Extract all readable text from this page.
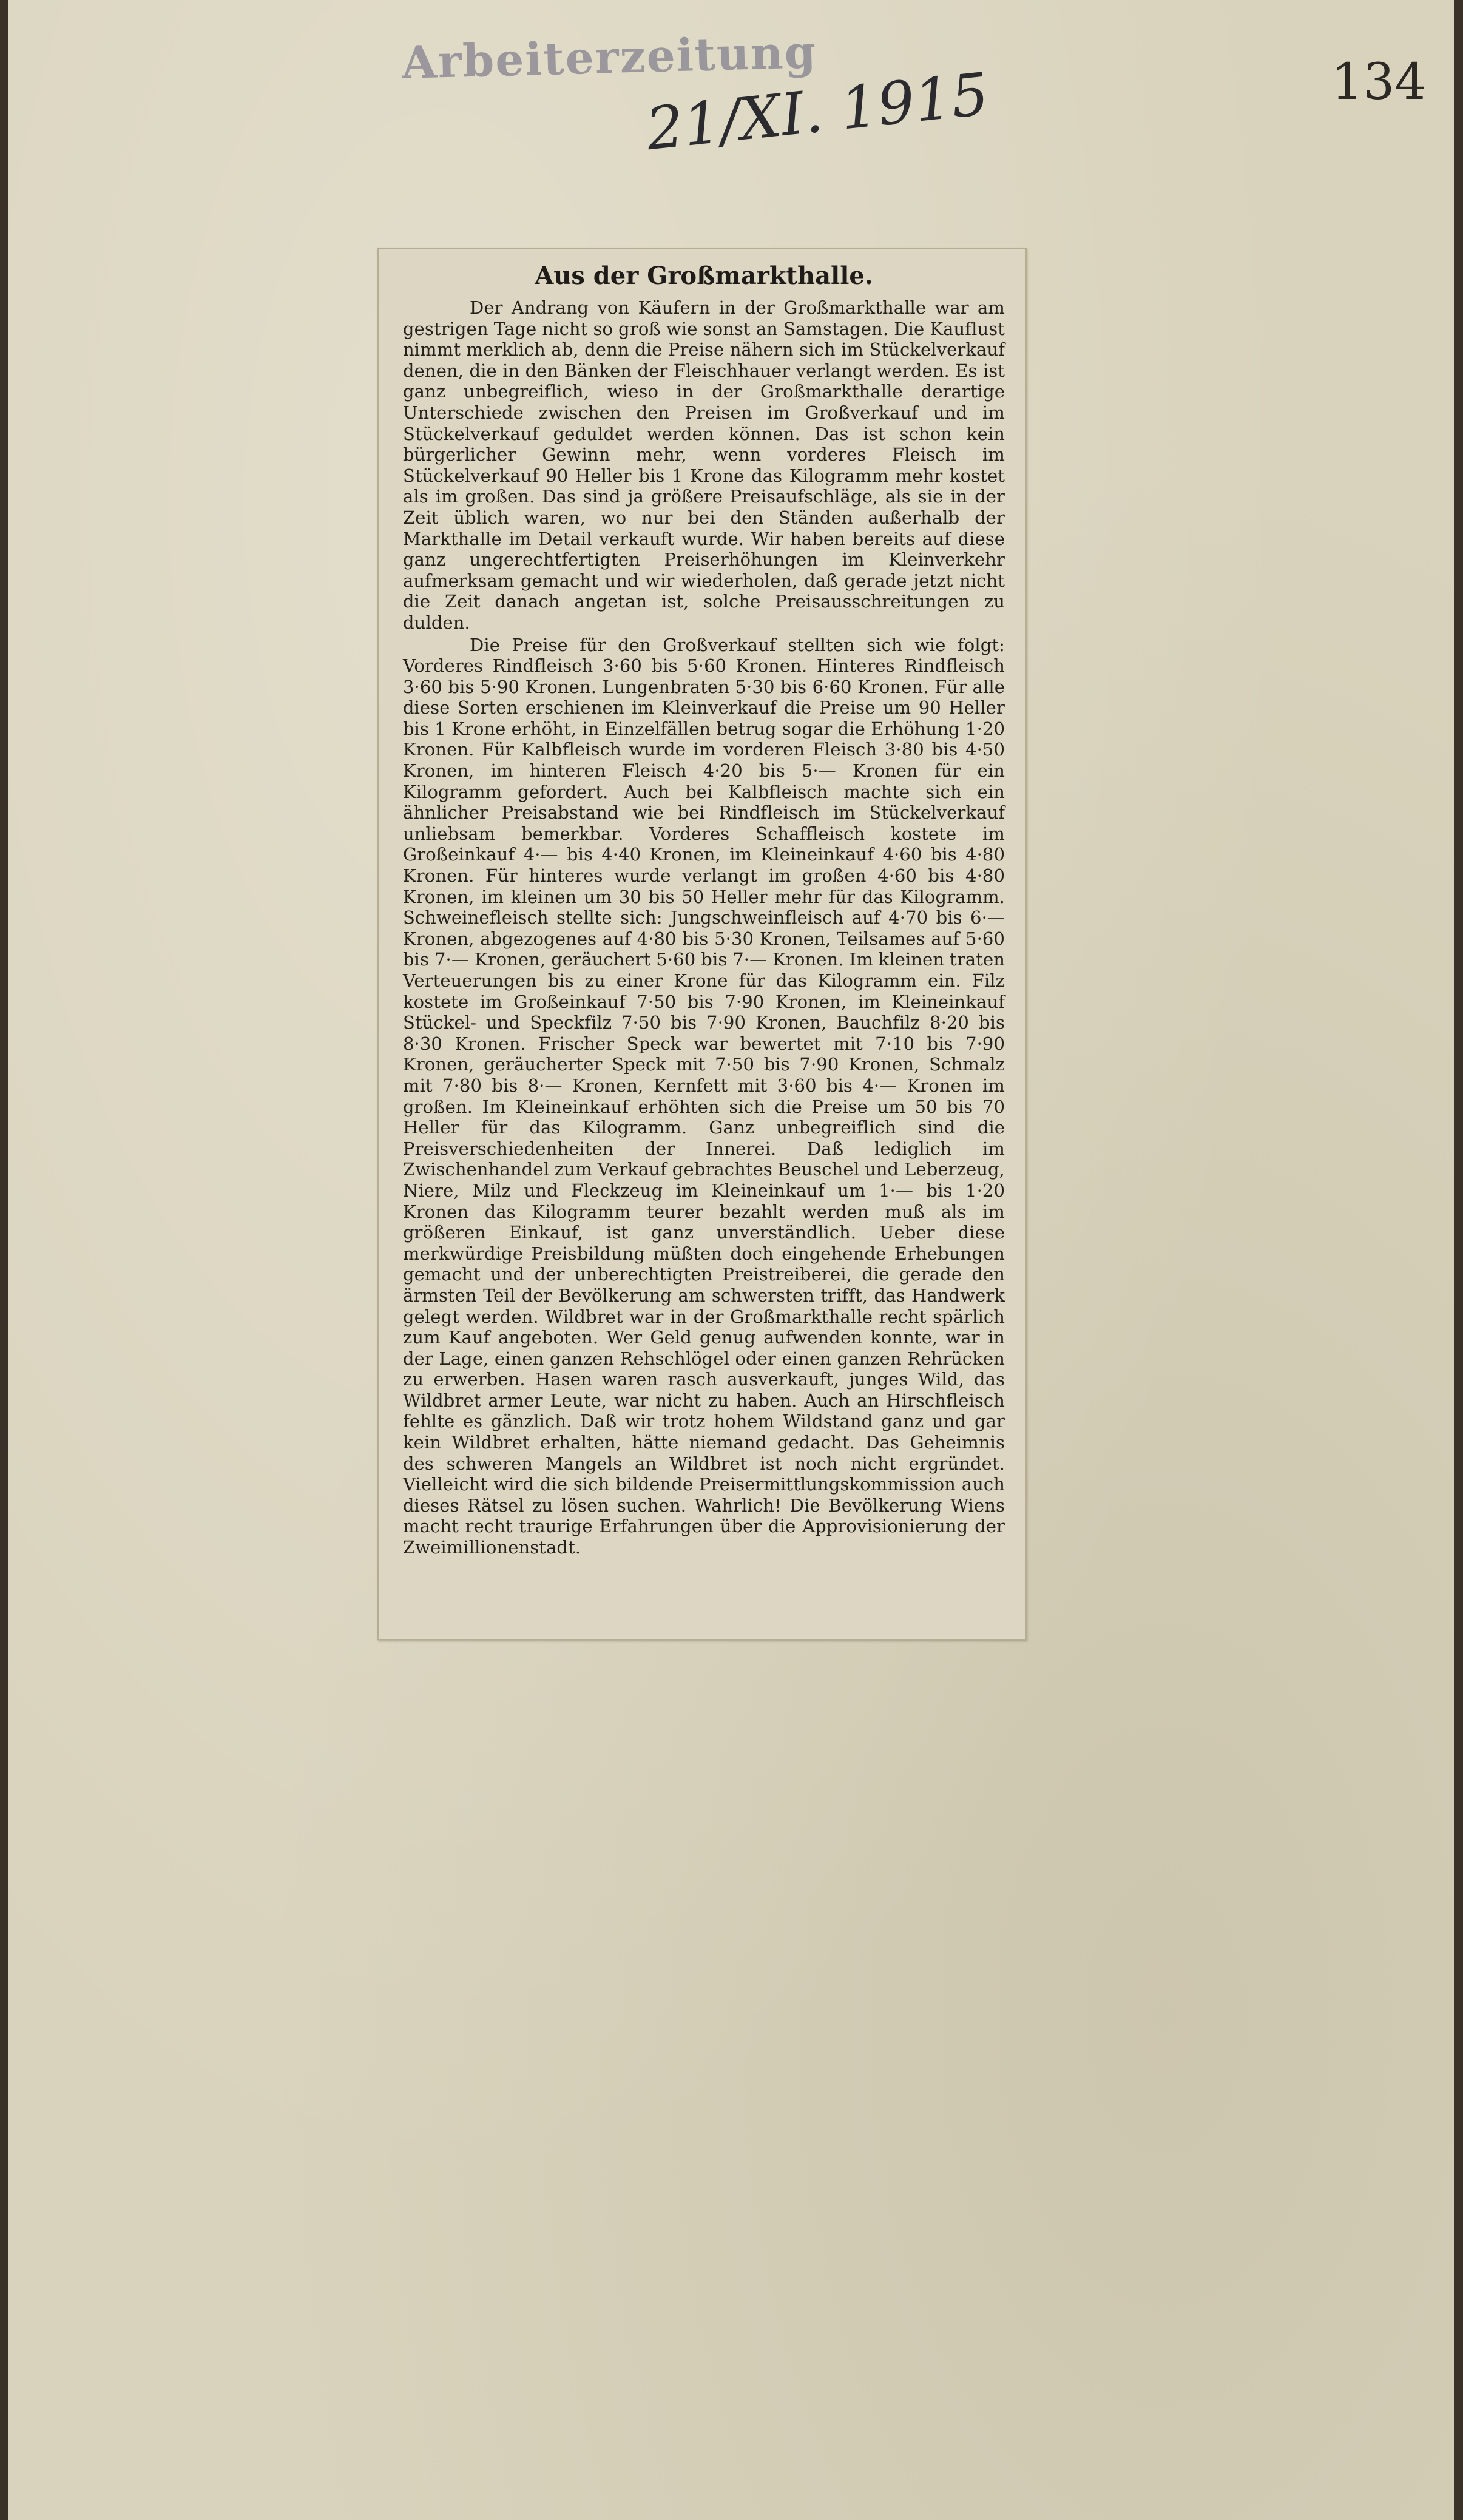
Arbeiterzeitung
21/XI. 1915	134
Aus der Großmarkthalle.

Der Andrang von Käufern in der Großmarkthalle war am gestrigen Tage nicht so groß wie sonst an Samstagen. Die Kauflust nimmt merklich ab, denn die Preise nähern sich im Stückelverkauf denen, die in den Bänken der Fleischhauer verlangt werden. Es ist ganz unbegreiflich, wieso in der Großmarkthalle derartige Unterschiede zwischen den Preisen im Großverkauf und im Stückelverkauf geduldet werden können. Das ist schon kein bürgerlicher Gewinn mehr, wenn vorderes Fleisch im Stückelverkauf 90 Heller bis 1 Krone das Kilogramm mehr kostet als im großen. Das sind ja größere Preisaufschläge, als sie in der Zeit üblich waren, wo nur bei den Ständen außerhalb der Markthalle im Detail verkauft wurde. Wir haben bereits auf diese ganz ungerechtfertigten Preiserhöhungen im Kleinverkehr aufmerksam gemacht und wir wiederholen, daß gerade jetzt nicht die Zeit danach angetan ist, solche Preisausschreitungen zu dulden.

Die Preise für den Großverkauf stellten sich wie folgt: Vorderes Rindfleisch 3·60 bis 5·60 Kronen. Hinteres Rindfleisch 3·60 bis 5·90 Kronen. Lungenbraten 5·30 bis 6·60 Kronen. Für alle diese Sorten erschienen im Kleinverkauf die Preise um 90 Heller bis 1 Krone erhöht, in Einzelfällen betrug sogar die Erhöhung 1·20 Kronen. Für Kalbfleisch wurde im vorderen Fleisch 3·80 bis 4·50 Kronen, im hinteren Fleisch 4·20 bis 5·— Kronen für ein Kilogramm gefordert. Auch bei Kalbfleisch machte sich ein ähnlicher Preisabstand wie bei Rindfleisch im Stückelverkauf unliebsam bemerkbar. Vorderes Schaffleisch kostete im Großeinkauf 4·— bis 4·40 Kronen, im Kleineinkauf 4·60 bis 4·80 Kronen. Für hinteres wurde verlangt im großen 4·60 bis 4·80 Kronen, im kleinen um 30 bis 50 Heller mehr für das Kilogramm. Schweinefleisch stellte sich: Jungschweinfleisch auf 4·70 bis 6·— Kronen, abgezogenes auf 4·80 bis 5·30 Kronen, Teilsames auf 5·60 bis 7·— Kronen, geräuchert 5·60 bis 7·— Kronen. Im kleinen traten Verteuerungen bis zu einer Krone für das Kilogramm ein. Filz kostete im Großeinkauf 7·50 bis 7·90 Kronen, im Kleineinkauf Stückel- und Speckfilz 7·50 bis 7·90 Kronen, Bauchfilz 8·20 bis 8·30 Kronen. Frischer Speck war bewertet mit 7·10 bis 7·90 Kronen, geräucherter Speck mit 7·50 bis 7·90 Kronen, Schmalz mit 7·80 bis 8·— Kronen, Kernfett mit 3·60 bis 4·— Kronen im großen. Im Kleineinkauf erhöhten sich die Preise um 50 bis 70 Heller für das Kilogramm. Ganz unbegreiflich sind die Preisverschiedenheiten der Innerei. Daß lediglich im Zwischenhandel zum Verkauf gebrachtes Beuschel und Leberzeug, Niere, Milz und Fleckzeug im Kleineinkauf um 1·— bis 1·20 Kronen das Kilogramm teurer bezahlt werden muß als im größeren Einkauf, ist ganz unverständlich. Ueber diese merkwürdige Preisbildung müßten doch eingehende Erhebungen gemacht und der unberechtigten Preistreiberei, die gerade den ärmsten Teil der Bevölkerung am schwersten trifft, das Handwerk gelegt werden. Wildbret war in der Großmarkthalle recht spärlich zum Kauf angeboten. Wer Geld genug aufwenden konnte, war in der Lage, einen ganzen Rehschlögel oder einen ganzen Rehrücken zu erwerben. Hasen waren rasch ausverkauft, junges Wild, das Wildbret armer Leute, war nicht zu haben. Auch an Hirschfleisch fehlte es gänzlich. Daß wir trotz hohem Wildstand ganz und gar kein Wildbret erhalten, hätte niemand gedacht. Das Geheimnis des schweren Mangels an Wildbret ist noch nicht ergründet. Vielleicht wird die sich bildende Preisermittlungskommission auch dieses Rätsel zu lösen suchen. Wahrlich! Die Bevölkerung Wiens macht recht traurige Erfahrungen über die Approvisionierung der Zweimillionenstadt.
